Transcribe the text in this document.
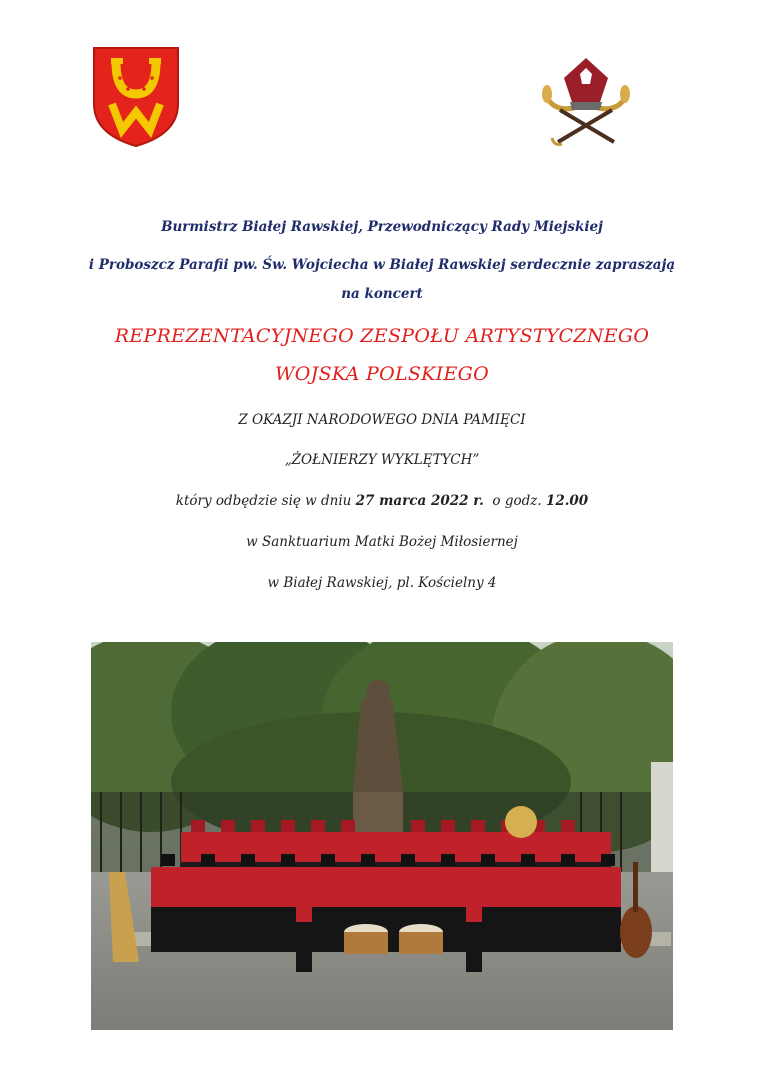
Burmistrz Białej Rawskiej, Przewodniczący Rady Miejskiej
i Proboszcz Parafii pw. Św. Wojciecha w Białej Rawskiej serdecznie zapraszają
na koncert
REPREZENTACYJNEGO ZESPOŁU ARTYSTYCZNEGO
WOJSKA POLSKIEGO
Z OKAZJI NARODOWEGO DNIA PAMIĘCI
„ŻOŁNIERZY WYKLĘTYCH”
który odbędzie się w dniu 27 marca 2022 r.  o godz. 12.00
w Sanktuarium Matki Bożej Miłosiernej
w Białej Rawskiej, pl. Kościelny 4
